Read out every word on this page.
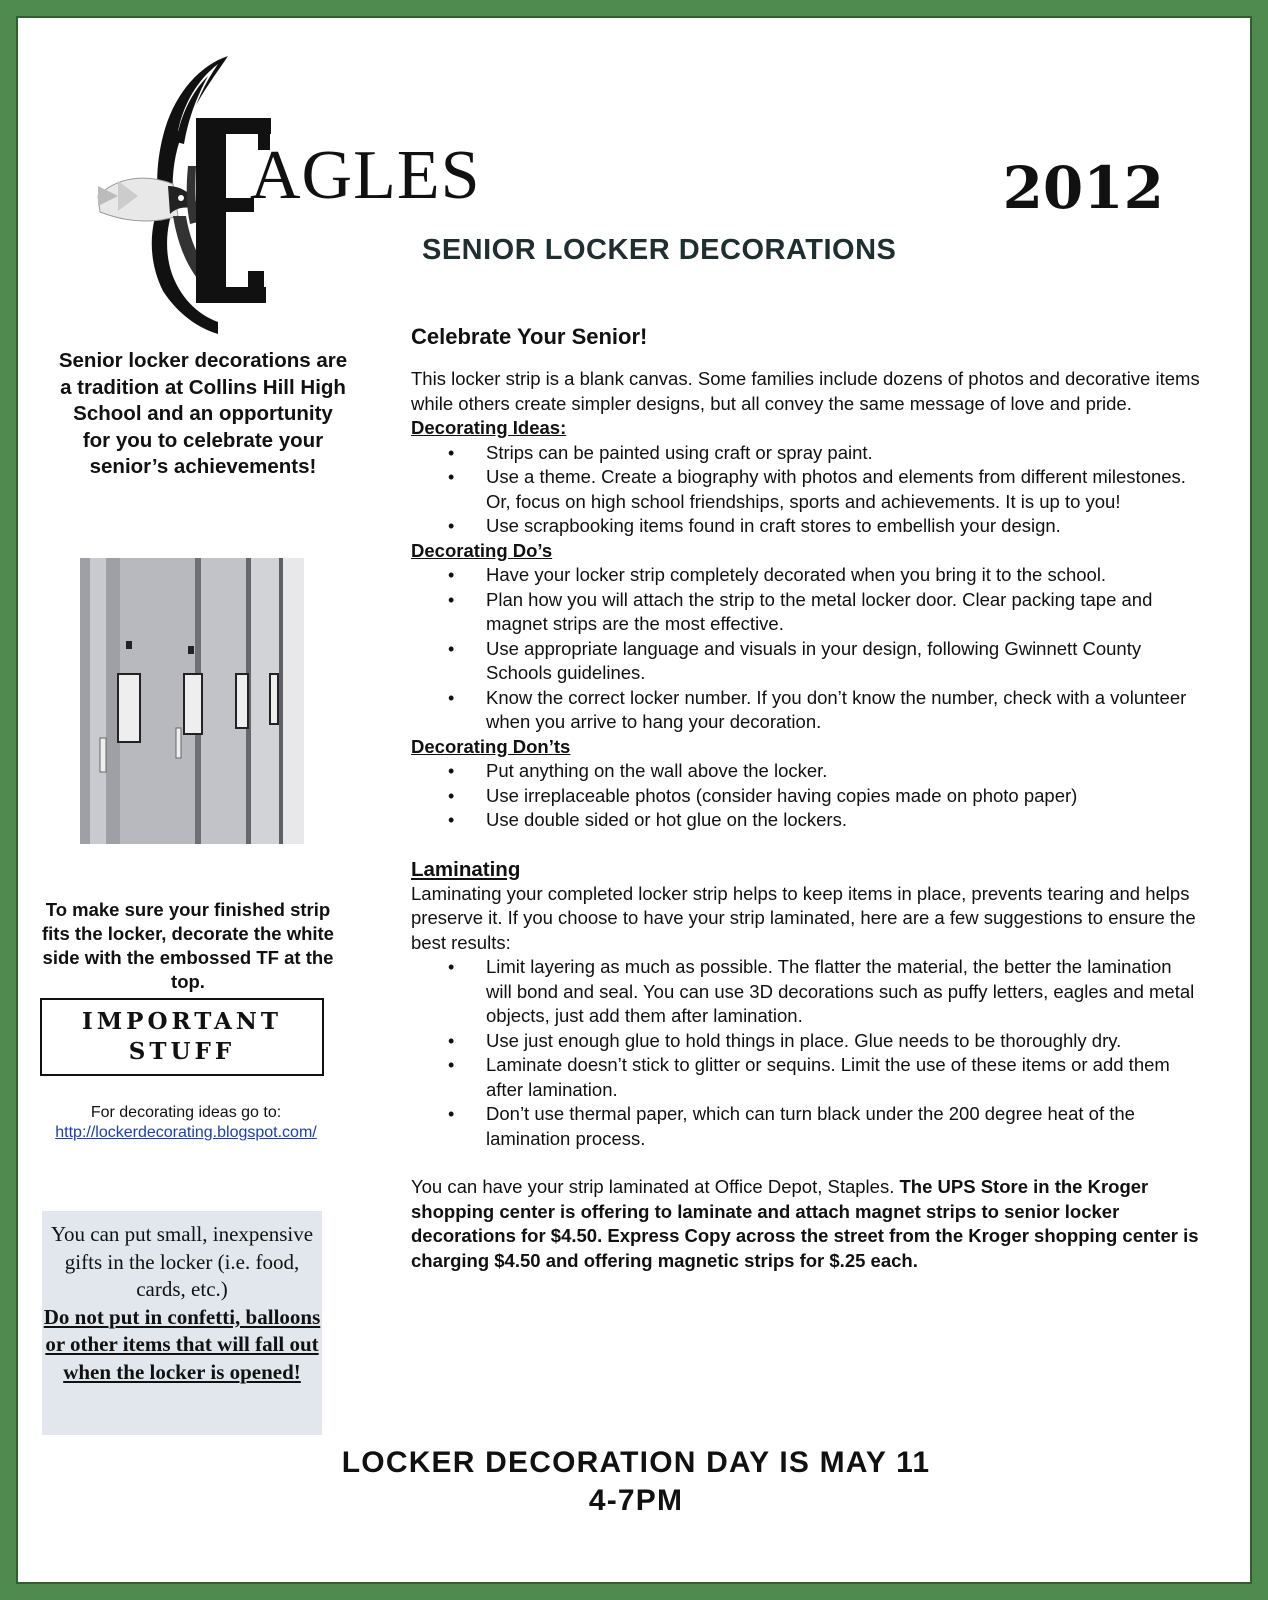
AGLES	2012
SENIOR LOCKER DECORATIONS
Senior locker decorations are a tradition at Collins Hill High School and an opportunity for you to celebrate your senior’s achievements!
To make sure your finished strip fits the locker, decorate the white side with the embossed TF at the top.
IMPORTANT
STUFF
For decorating ideas go to:
http://lockerdecorating.blogspot.com/
You can put small, inexpensive gifts in the locker (i.e. food, cards, etc.)
Do not put in confetti, balloons or other items that will fall out when the locker is opened!
Celebrate Your Senior!

This locker strip is a blank canvas. Some families include dozens of photos and decorative items while others create simpler designs, but all convey the same message of love and pride.

Decorating Ideas:
• Strips can be painted using craft or spray paint.
• Use a theme. Create a biography with photos and elements from different milestones. Or, focus on high school friendships, sports and achievements. It is up to you!
• Use scrapbooking items found in craft stores to embellish your design.
Decorating Do’s
• Have your locker strip completely decorated when you bring it to the school.
• Plan how you will attach the strip to the metal locker door. Clear packing tape and magnet strips are the most effective.
• Use appropriate language and visuals in your design, following Gwinnett County Schools guidelines.
• Know the correct locker number. If you don’t know the number, check with a volunteer when you arrive to hang your decoration.
Decorating Don’ts
• Put anything on the wall above the locker.
• Use irreplaceable photos (consider having copies made on photo paper)
• Use double sided or hot glue on the lockers.
Laminating

Laminating your completed locker strip helps to keep items in place, prevents tearing and helps preserve it. If you choose to have your strip laminated, here are a few suggestions to ensure the best results:

• Limit layering as much as possible. The flatter the material, the better the lamination will bond and seal. You can use 3D decorations such as puffy letters, eagles and metal objects, just add them after lamination.
• Use just enough glue to hold things in place. Glue needs to be thoroughly dry.
• Laminate doesn’t stick to glitter or sequins. Limit the use of these items or add them after lamination.
• Don’t use thermal paper, which can turn black under the 200 degree heat of the lamination process.

You can have your strip laminated at Office Depot, Staples. The UPS Store in the Kroger shopping center is offering to laminate and attach magnet strips to senior locker decorations for $4.50. Express Copy across the street from the Kroger shopping center is charging $4.50 and offering magnetic strips for $.25 each.

LOCKER DECORATION DAY IS MAY 11
4-7PM
